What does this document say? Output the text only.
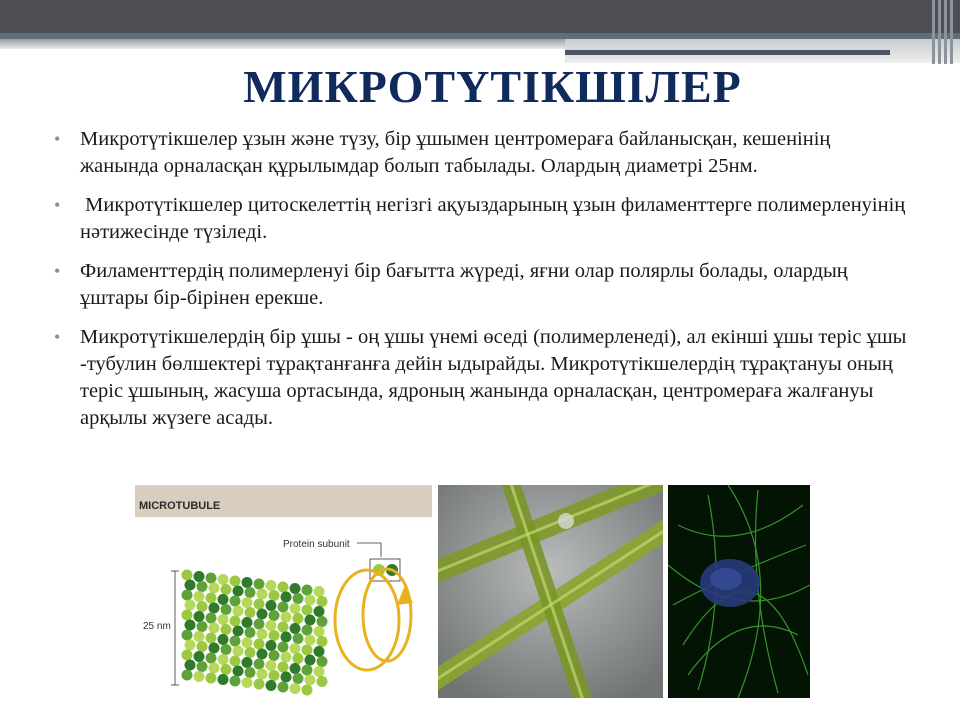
МИКРОТҮТІКШІЛЕР
• Микротүтікшелер ұзын және түзу, бір ұшымен центромераға байланысқан, кешенінің жанында орналасқан құрылымдар болып табылады. Олардың диаметрі 25нм.
• Микротүтікшелер цитоскелеттің негізгі ақуыздарының ұзын филаменттерге полимерленуінің нәтижесінде түзіледі.
• Филаменттердің полимерленуі бір бағытта жүреді, яғни олар полярлы болады, олардың ұштары бір-бірінен ерекше.
• Микротүтікшелердің бір ұшы - оң ұшы үнемі өседі (полимерленеді), ал екінші ұшы теріс ұшы -тубулин бөлшектері тұрақтанғанға дейін ыдырайды. Микротүтікшелердің тұрақтануы оның теріс ұшының, жасуша ортасында, ядроның жанында орналасқан, центромераға жалғануы арқылы жүзеге асады.
MICROTUBULE
Protein subunit
25 nm
